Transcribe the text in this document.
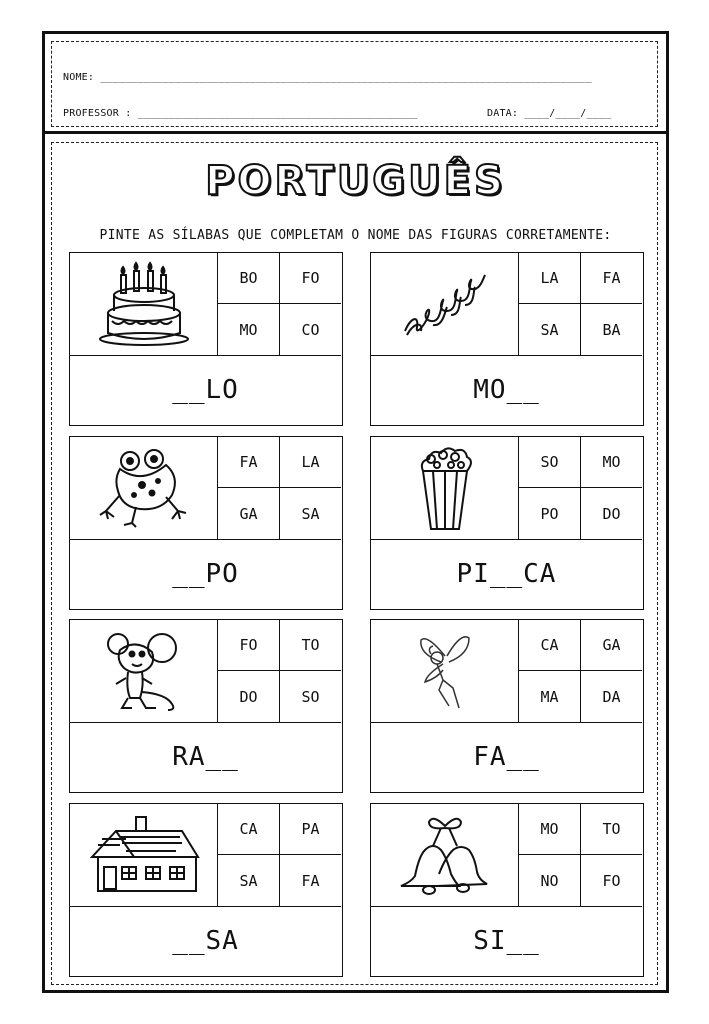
NOME: _______________________________________________________________________________
PROFESSOR : _____________________________________________	DATA: ____/____/____
PORTUGUÊS
PINTE AS SÍLABAS QUE COMPLETAM O NOME DAS FIGURAS CORRETAMENTE:
BO	FO
MO	CO
__LO
LA	FA
SA	BA
MO__
FA	LA
GA	SA
__PO
SO	MO
PO	DO
PI__CA
FO	TO
DO	SO
RA__
CA	GA
MA	DA
FA__
CA	PA
SA	FA
__SA
MO	TO
NO	FO
SI__
